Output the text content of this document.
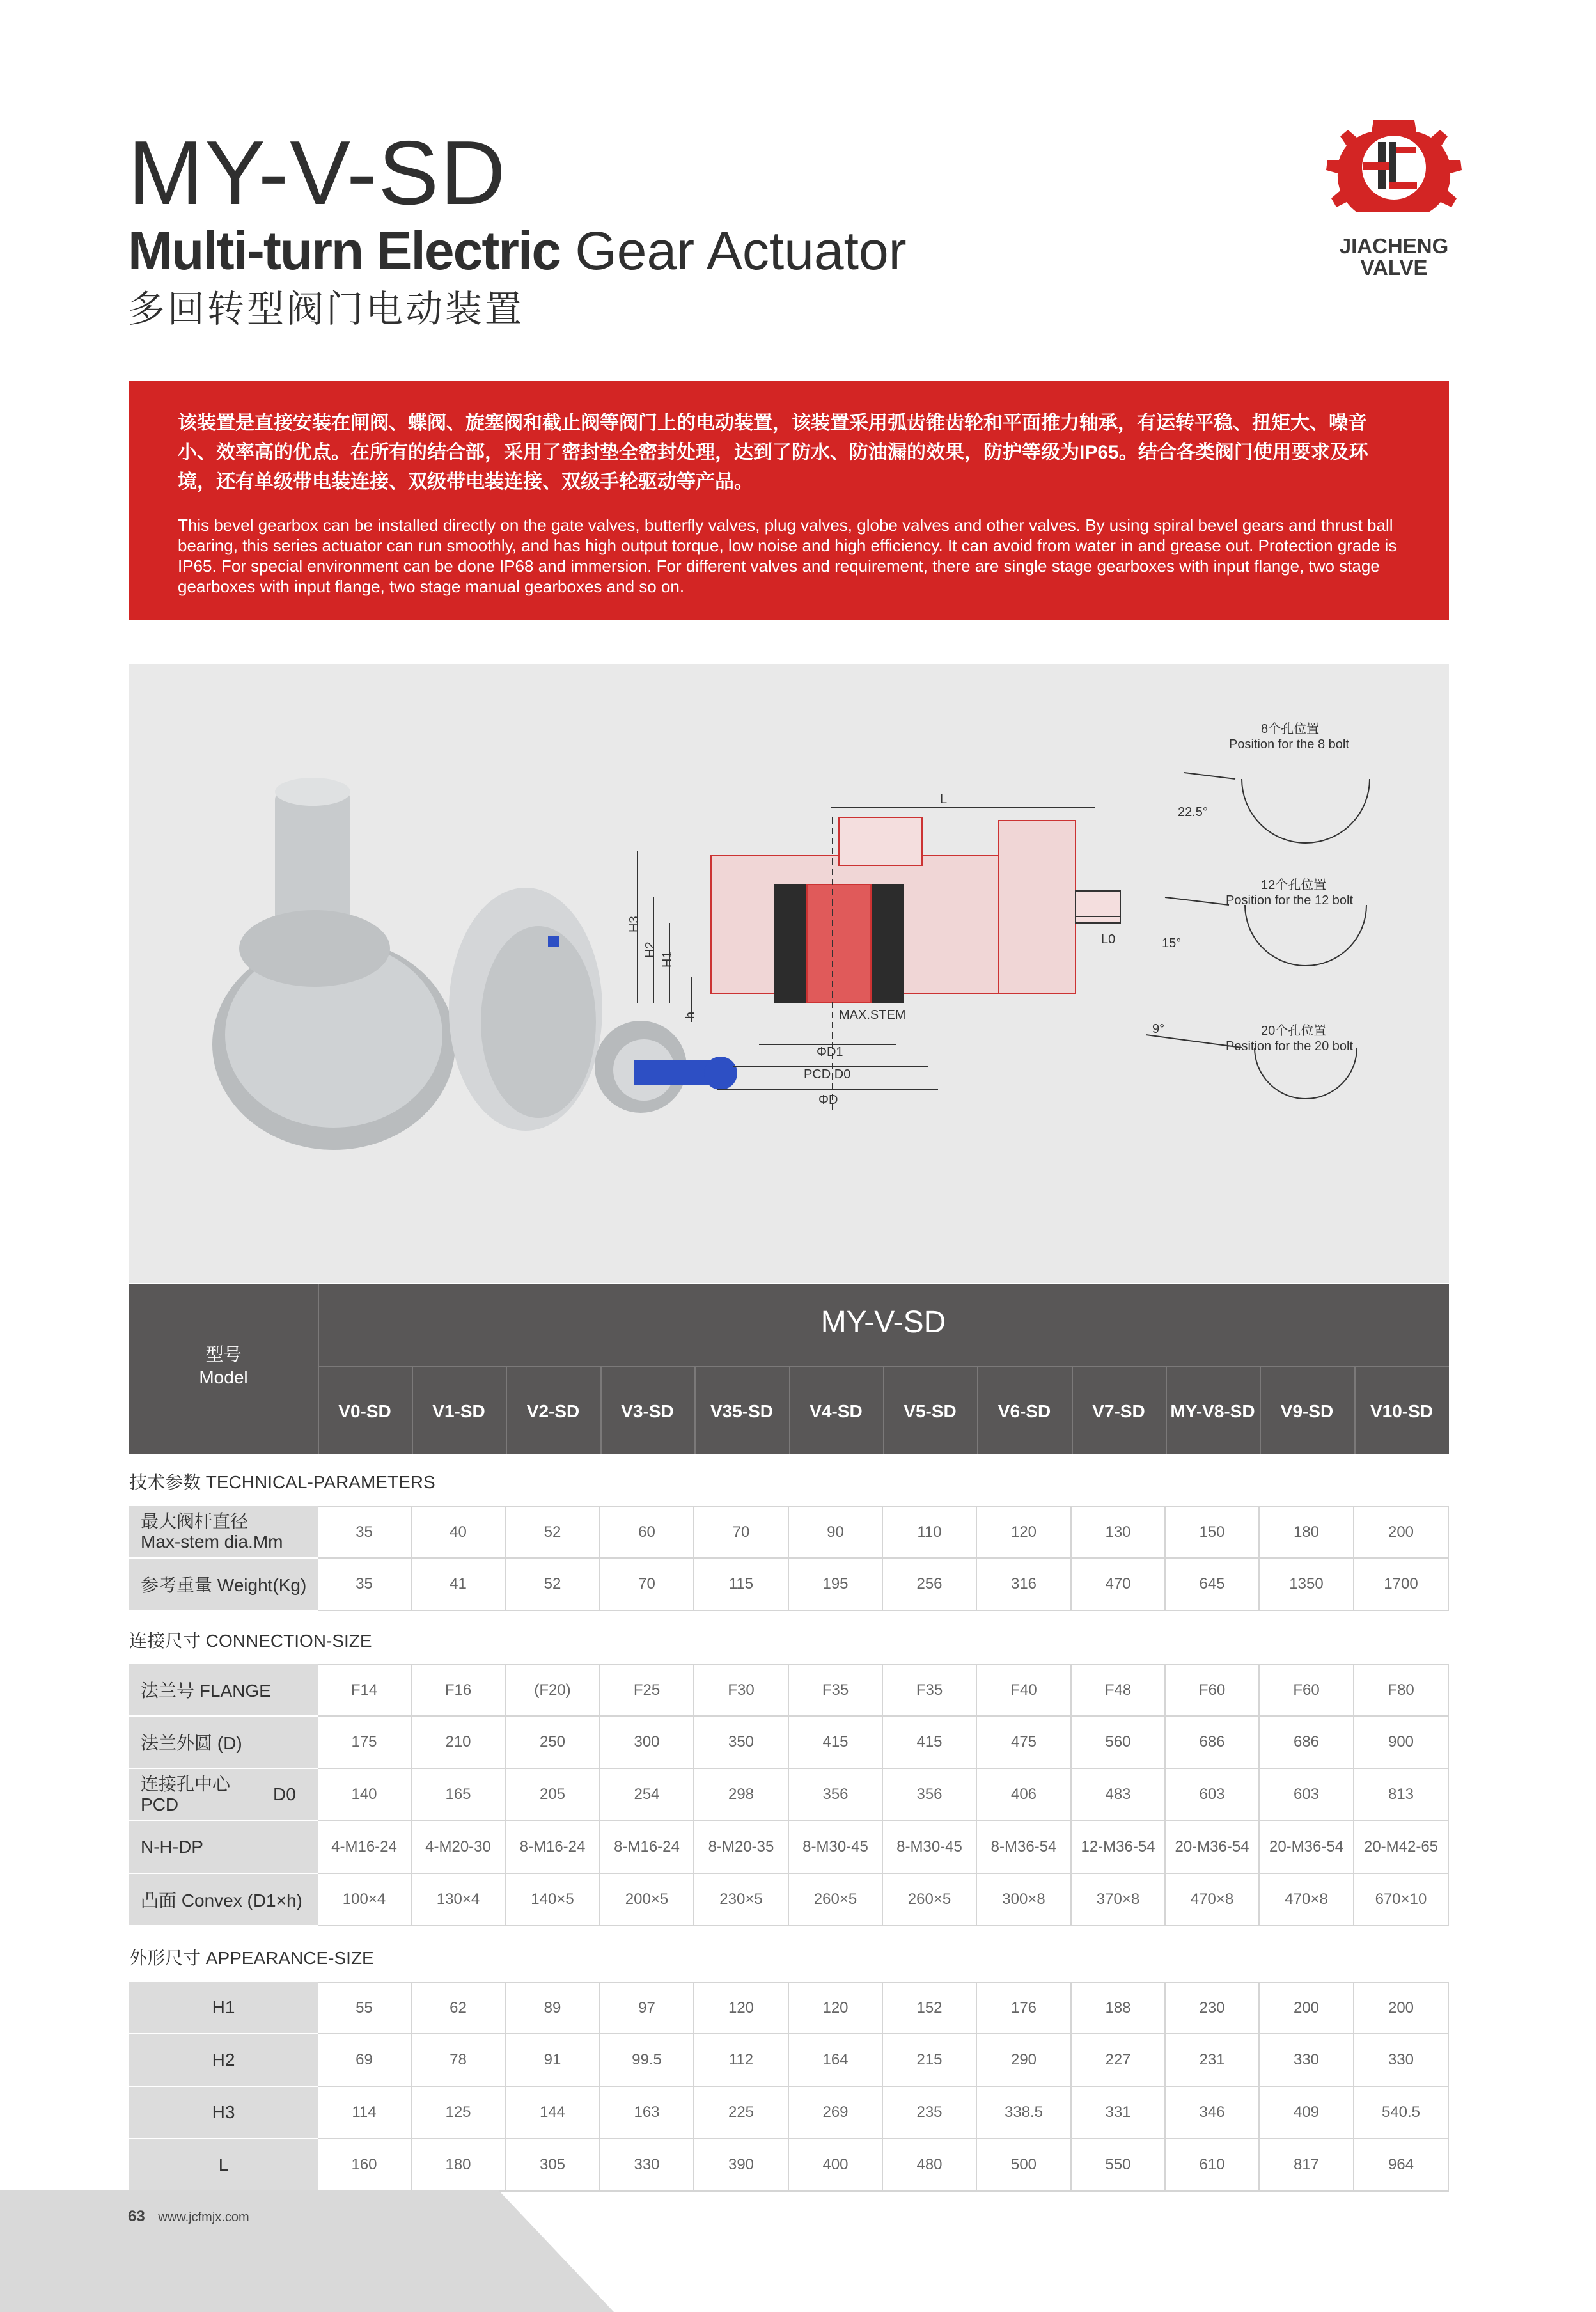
MY-V-SD
Multi-turn Electric Gear Actuator
多回转型阀门电动装置
JIACHENG
VALVE
该装置是直接安装在闸阀、蝶阀、旋塞阀和截止阀等阀门上的电动装置，该装置采用弧齿锥齿轮和平面推力轴承，有运转平稳、扭矩大、噪音小、效率高的优点。在所有的结合部，采用了密封垫全密封处理，达到了防水、防油漏的效果，防护等级为IP65。结合各类阀门使用要求及环境，还有单级带电装连接、双级带电装连接、双级手轮驱动等产品。
This bevel gearbox can be installed directly on the gate valves, butterfly valves, plug valves, globe valves and other valves. By using spiral bevel gears and thrust ball bearing, this series actuator can run smoothly, and has high output torque, low noise and high efficiency. It can avoid from water in and grease out. Protection grade is IP65. For special environment can be done IP68 and immersion. For different valves and requirement, there are single stage gearboxes with input flange, two stage gearboxes with input flange, two stage manual gearboxes and so on.
L
H3
H2
H1
h
L0
MAX.STEM
ΦD1
PCD D0
ΦD
8个孔位置
Position for the 8 bolt
22.5°
12个孔位置
Position for the 12 bolt
15°
20个孔位置
Position for the 20 bolt
9°
型号
Model
MY-V-SD
V0-SD	V1-SD	V2-SD	V3-SD	V35-SD	V4-SD	V5-SD	V6-SD	V7-SD	MY-V8-SD	V9-SD	V10-SD
技术参数 TECHNICAL-PARAMETERS
最大阀杆直径
Max-stem dia.Mm	35	40	52	60	70	90	110	120	130	150	180	200
参考重量 Weight(Kg)	35	41	52	70	115	195	256	316	470	645	1350	1700
连接尺寸 CONNECTION-SIZE
法兰号 FLANGE	F14	F16	(F20)	F25	F30	F35	F35	F40	F48	F60	F60	F80
法兰外圆 (D)	175	210	250	300	350	415	415	475	560	686	686	900
连接孔中心
PCD
D0	140	165	205	254	298	356	356	406	483	603	603	813
N-H-DP	4-M16-24	4-M20-30	8-M16-24	8-M16-24	8-M20-35	8-M30-45	8-M30-45	8-M36-54	12-M36-54	20-M36-54	20-M36-54	20-M42-65
凸面 Convex (D1×h)	100×4	130×4	140×5	200×5	230×5	260×5	260×5	300×8	370×8	470×8	470×8	670×10
外形尺寸 APPEARANCE-SIZE
H1	55	62	89	97	120	120	152	176	188	230	200	200
H2	69	78	91	99.5	112	164	215	290	227	231	330	330
H3	114	125	144	163	225	269	235	338.5	331	346	409	540.5
L	160	180	305	330	390	400	480	500	550	610	817	964
63 www.jcfmjx.com
